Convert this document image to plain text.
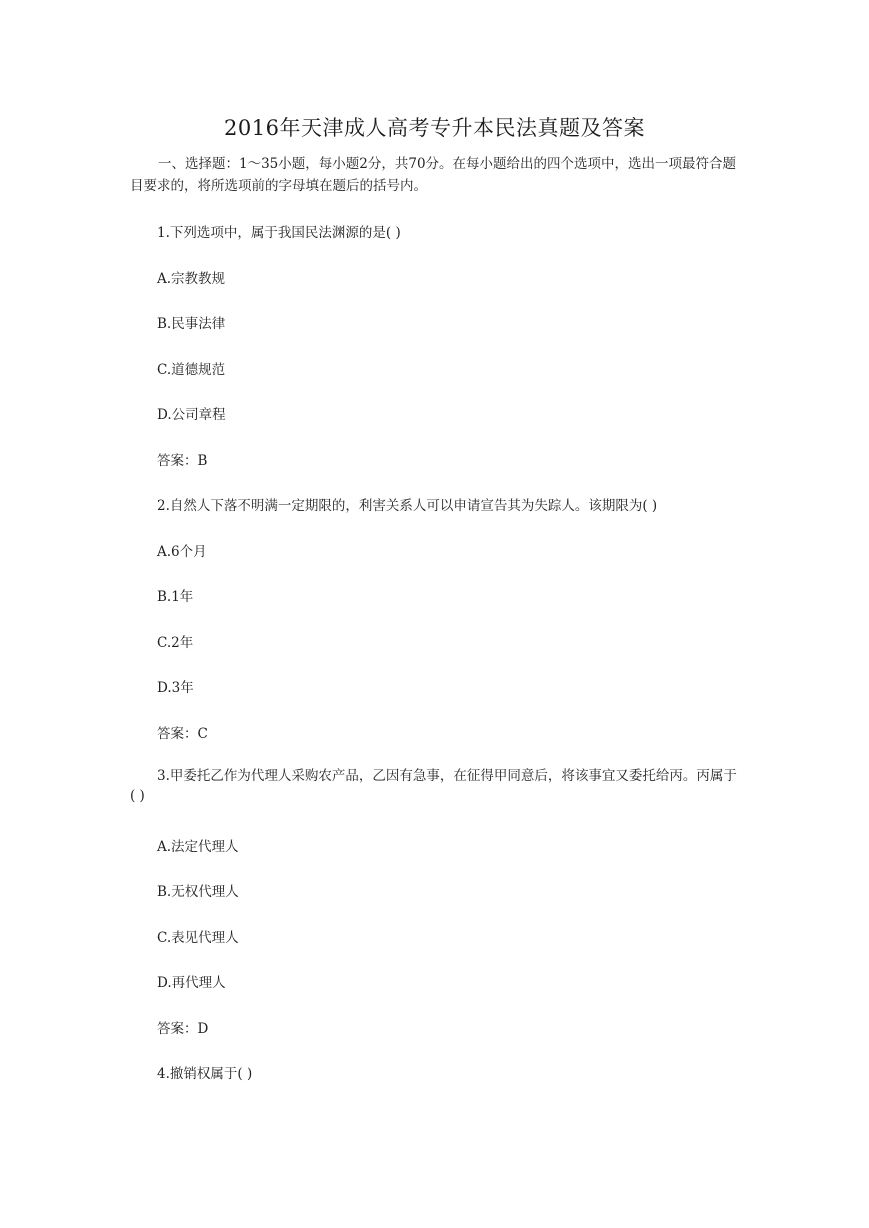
2016年天津成人高考专升本民法真题及答案
一、选择题：1～35小题，每小题2分，共70分。在每小题给出的四个选项中，选出一项最符合题目要求的，将所选项前的字母填在题后的括号内。
1.下列选项中，属于我国民法渊源的是( )
A.宗教教规
B.民事法律
C.道德规范
D.公司章程
答案：B
2.自然人下落不明满一定期限的，利害关系人可以申请宣告其为失踪人。该期限为( )
A.6个月
B.1年
C.2年
D.3年
答案：C
3.甲委托乙作为代理人采购农产品，乙因有急事，在征得甲同意后，将该事宜又委托给丙。丙属于( )
A.法定代理人
B.无权代理人
C.表见代理人
D.再代理人
答案：D
4.撤销权属于( )
